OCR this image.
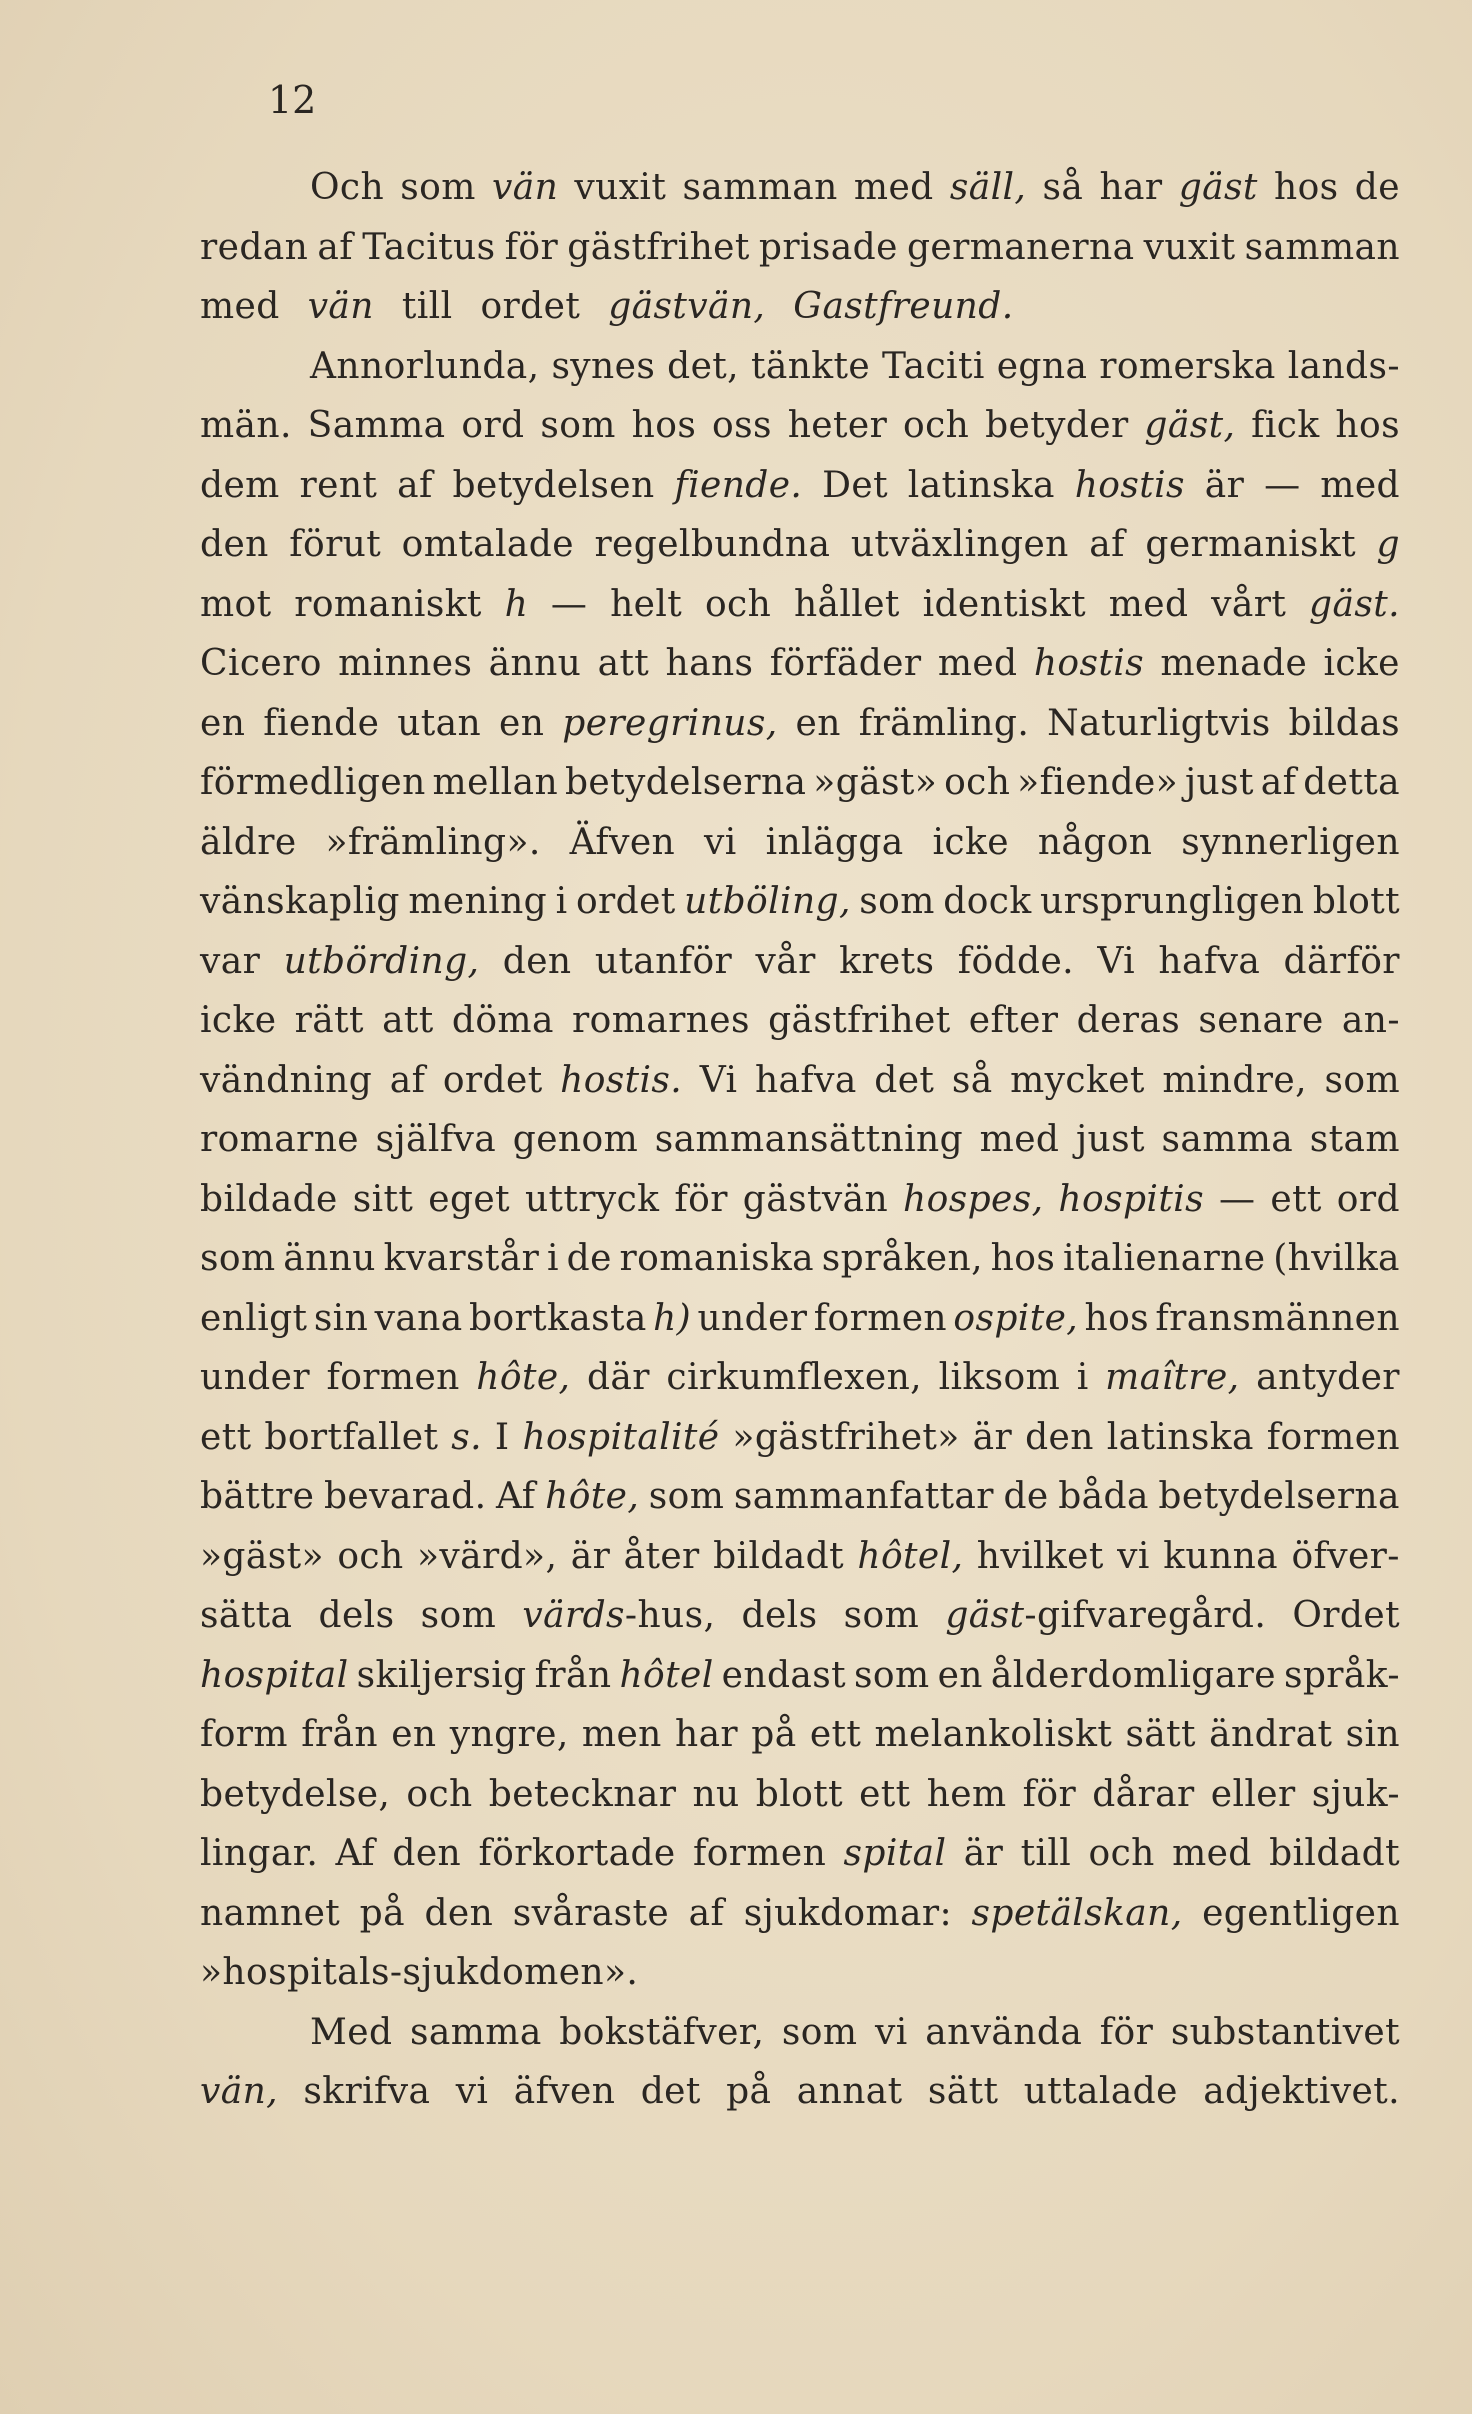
12
Och som vän vuxit samman med säll, så har gäst hos de
redan af Tacitus för gästfrihet prisade germanerna vuxit samman
med vän till ordet gästvän, Gastfreund.
Annorlunda, synes det, tänkte Taciti egna romerska lands-
män. Samma ord som hos oss heter och betyder gäst, fick hos
dem rent af betydelsen fiende. Det latinska hostis är — med
den förut omtalade regelbundna utväxlingen af germaniskt g
mot romaniskt h — helt och hållet identiskt med vårt gäst.
Cicero minnes ännu att hans förfäder med hostis menade icke
en fiende utan en peregrinus, en främling. Naturligtvis bildas
förmedligen mellan betydelserna »gäst» och »fiende» just af detta
äldre »främling». Äfven vi inlägga icke någon synnerligen
vänskaplig mening i ordet utböling, som dock ursprungligen blott
var utbörding, den utanför vår krets födde. Vi hafva därför
icke rätt att döma romarnes gästfrihet efter deras senare an-
vändning af ordet hostis. Vi hafva det så mycket mindre, som
romarne själfva genom sammansättning med just samma stam
bildade sitt eget uttryck för gästvän hospes, hospitis — ett ord
som ännu kvarstår i de romaniska språken, hos italienarne (hvilka
enligt sin vana bortkasta h) under formen ospite, hos fransmännen
under formen hôte, där cirkumflexen, liksom i maître, antyder
ett bortfallet s. I hospitalité »gästfrihet» är den latinska formen
bättre bevarad. Af hôte, som sammanfattar de båda betydelserna
»gäst» och »värd», är åter bildadt hôtel, hvilket vi kunna öfver-
sätta dels som värds-hus, dels som gäst-gifvaregård. Ordet
hospital skiljersig från hôtel endast som en ålderdomligare språk-
form från en yngre, men har på ett melankoliskt sätt ändrat sin
betydelse, och betecknar nu blott ett hem för dårar eller sjuk-
lingar. Af den förkortade formen spital är till och med bildadt
namnet på den svåraste af sjukdomar: spetälskan, egentligen
»hospitals-sjukdomen».
Med samma bokstäfver, som vi använda för substantivet
vän, skrifva vi äfven det på annat sätt uttalade adjektivet.
